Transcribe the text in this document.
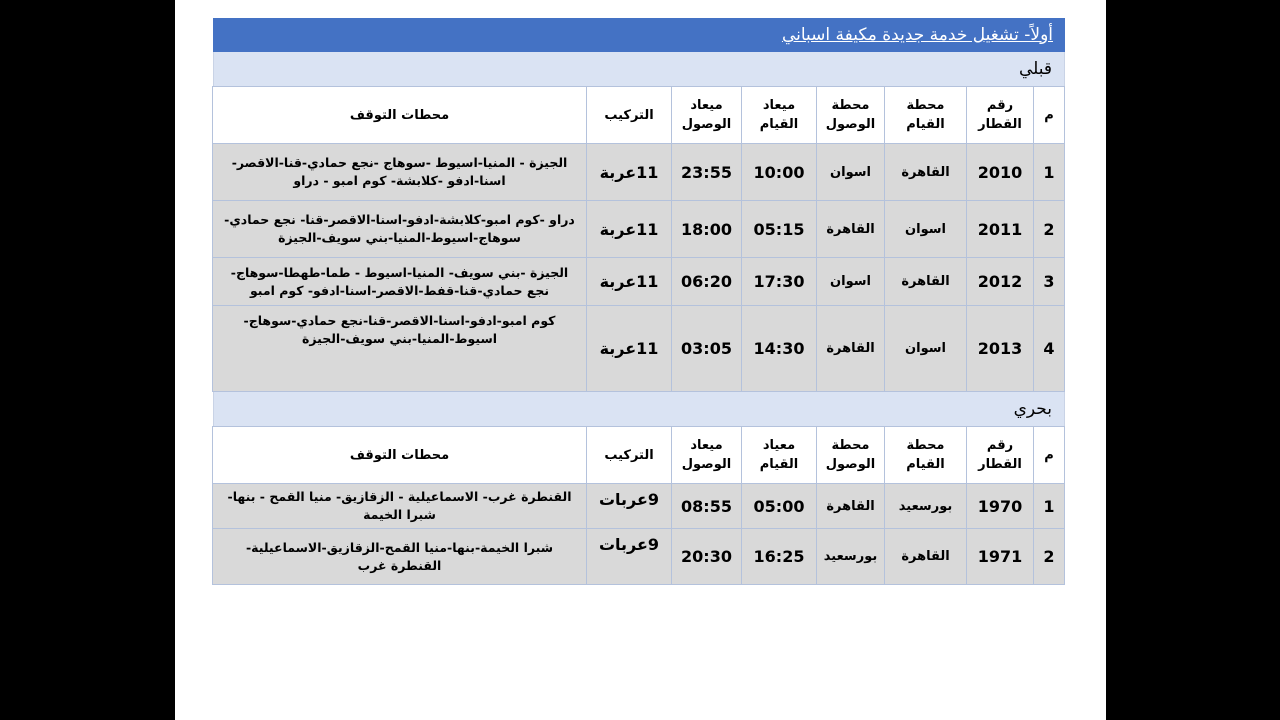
أولاً- تشغيل خدمة جديدة مكيفة اسباني
قبلي
م	رقم القطار	محطة القيام	محطة الوصول	ميعاد القيام	ميعاد الوصول	التركيب	محطات التوقف
1	2010	القاهرة	اسوان	10:00	23:55	11عربة	الجيزة - المنيا-اسيوط -سوهاج -نجع حمادي-قنا-الاقصر-اسنا-ادفو -كلابشة- كوم امبو - دراو
2	2011	اسوان	القاهرة	05:15	18:00	11عربة	دراو -كوم امبو-كلابشة-ادفو-اسنا-الاقصر-قنا- نجع حمادي-سوهاج-اسيوط-المنيا-بني سويف-الجيزة
3	2012	القاهرة	اسوان	17:30	06:20	11عربة	الجيزة -بني سويف- المنيا-اسيوط - طما-طهطا-سوهاج-نجع حمادي-قنا-قفط-الاقصر-اسنا-ادفو- كوم امبو
4	2013	اسوان	القاهرة	14:30	03:05	11عربة	كوم امبو-ادفو-اسنا-الاقصر-قنا-نجع حمادي-سوهاج-اسيوط-المنيا-بني سويف-الجيزة
بحري
م	رقم القطار	محطة القيام	محطة الوصول	معياد القيام	ميعاد الوصول	التركيب	محطات التوقف
1	1970	بورسعيد	القاهرة	05:00	08:55	9عربات	القنطرة غرب- الاسماعيلية - الزقازيق- منيا القمح - بنها-شبرا الخيمة
2	1971	القاهرة	بورسعيد	16:25	20:30	9عربات	شبرا الخيمة-بنها-منيا القمح-الزقازيق-الاسماعيلية-القنطرة غرب
